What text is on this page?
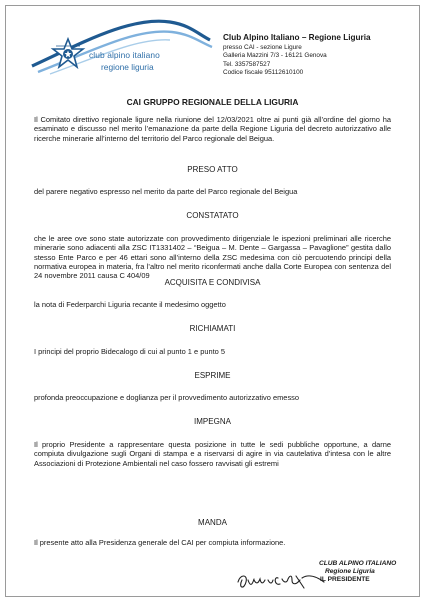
club alpino italiano
regione liguria
Club Alpino Italiano – Regione Liguria
presso CAI - sezione Ligure
Galleria Mazzini 7/3 - 16121 Genova
Tel. 3357587527
Codice fiscale 95112610100
CAI GRUPPO REGIONALE DELLA LIGURIA
Il Comitato direttivo regionale ligure nella riunione del 12/03/2021 oltre ai punti già all’ordine del giorno ha esaminato e discusso nel merito l’emanazione da parte della Regione Liguria del decreto autorizzativo alle ricerche minerarie all’interno del territorio del Parco regionale del Beigua.
PRESO ATTO
del parere negativo espresso nel merito da parte del Parco regionale del Beigua
CONSTATATO
che le aree ove sono state autorizzate con provvedimento dirigenziale le ispezioni preliminari alle ricerche minerarie sono adiacenti alla ZSC IT1331402 – “Beigua – M. Dente – Gargassa – Pavaglione” gestita dallo stesso Ente Parco e per 46 ettari sono all’interno della ZSC medesima con ciò percuotendo principi della normativa europea in materia, fra l’altro nel merito riconfermati anche dalla Corte Europea con sentenza del 24 novembre 2011 causa C 404/09
ACQUISITA E CONDIVISA
la nota di Federparchi Liguria recante il medesimo oggetto
RICHIAMATI
I principi del proprio Bidecalogo di cui al punto 1 e punto 5
ESPRIME
profonda preoccupazione e doglianza per il provvedimento autorizzativo emesso
IMPEGNA
Il proprio Presidente a rappresentare questa posizione in tutte le sedi pubbliche opportune, a darne compiuta divulgazione sugli Organi di stampa e a riservarsi di agire in via cautelativa d’intesa con le altre Associazioni di Protezione Ambientali nel caso fossero ravvisati gli estremi
MANDA
Il presente atto alla Presidenza generale del CAI per compiuta informazione.
CLUB ALPINO ITALIANO
Regione Liguria
IL PRESIDENTE
